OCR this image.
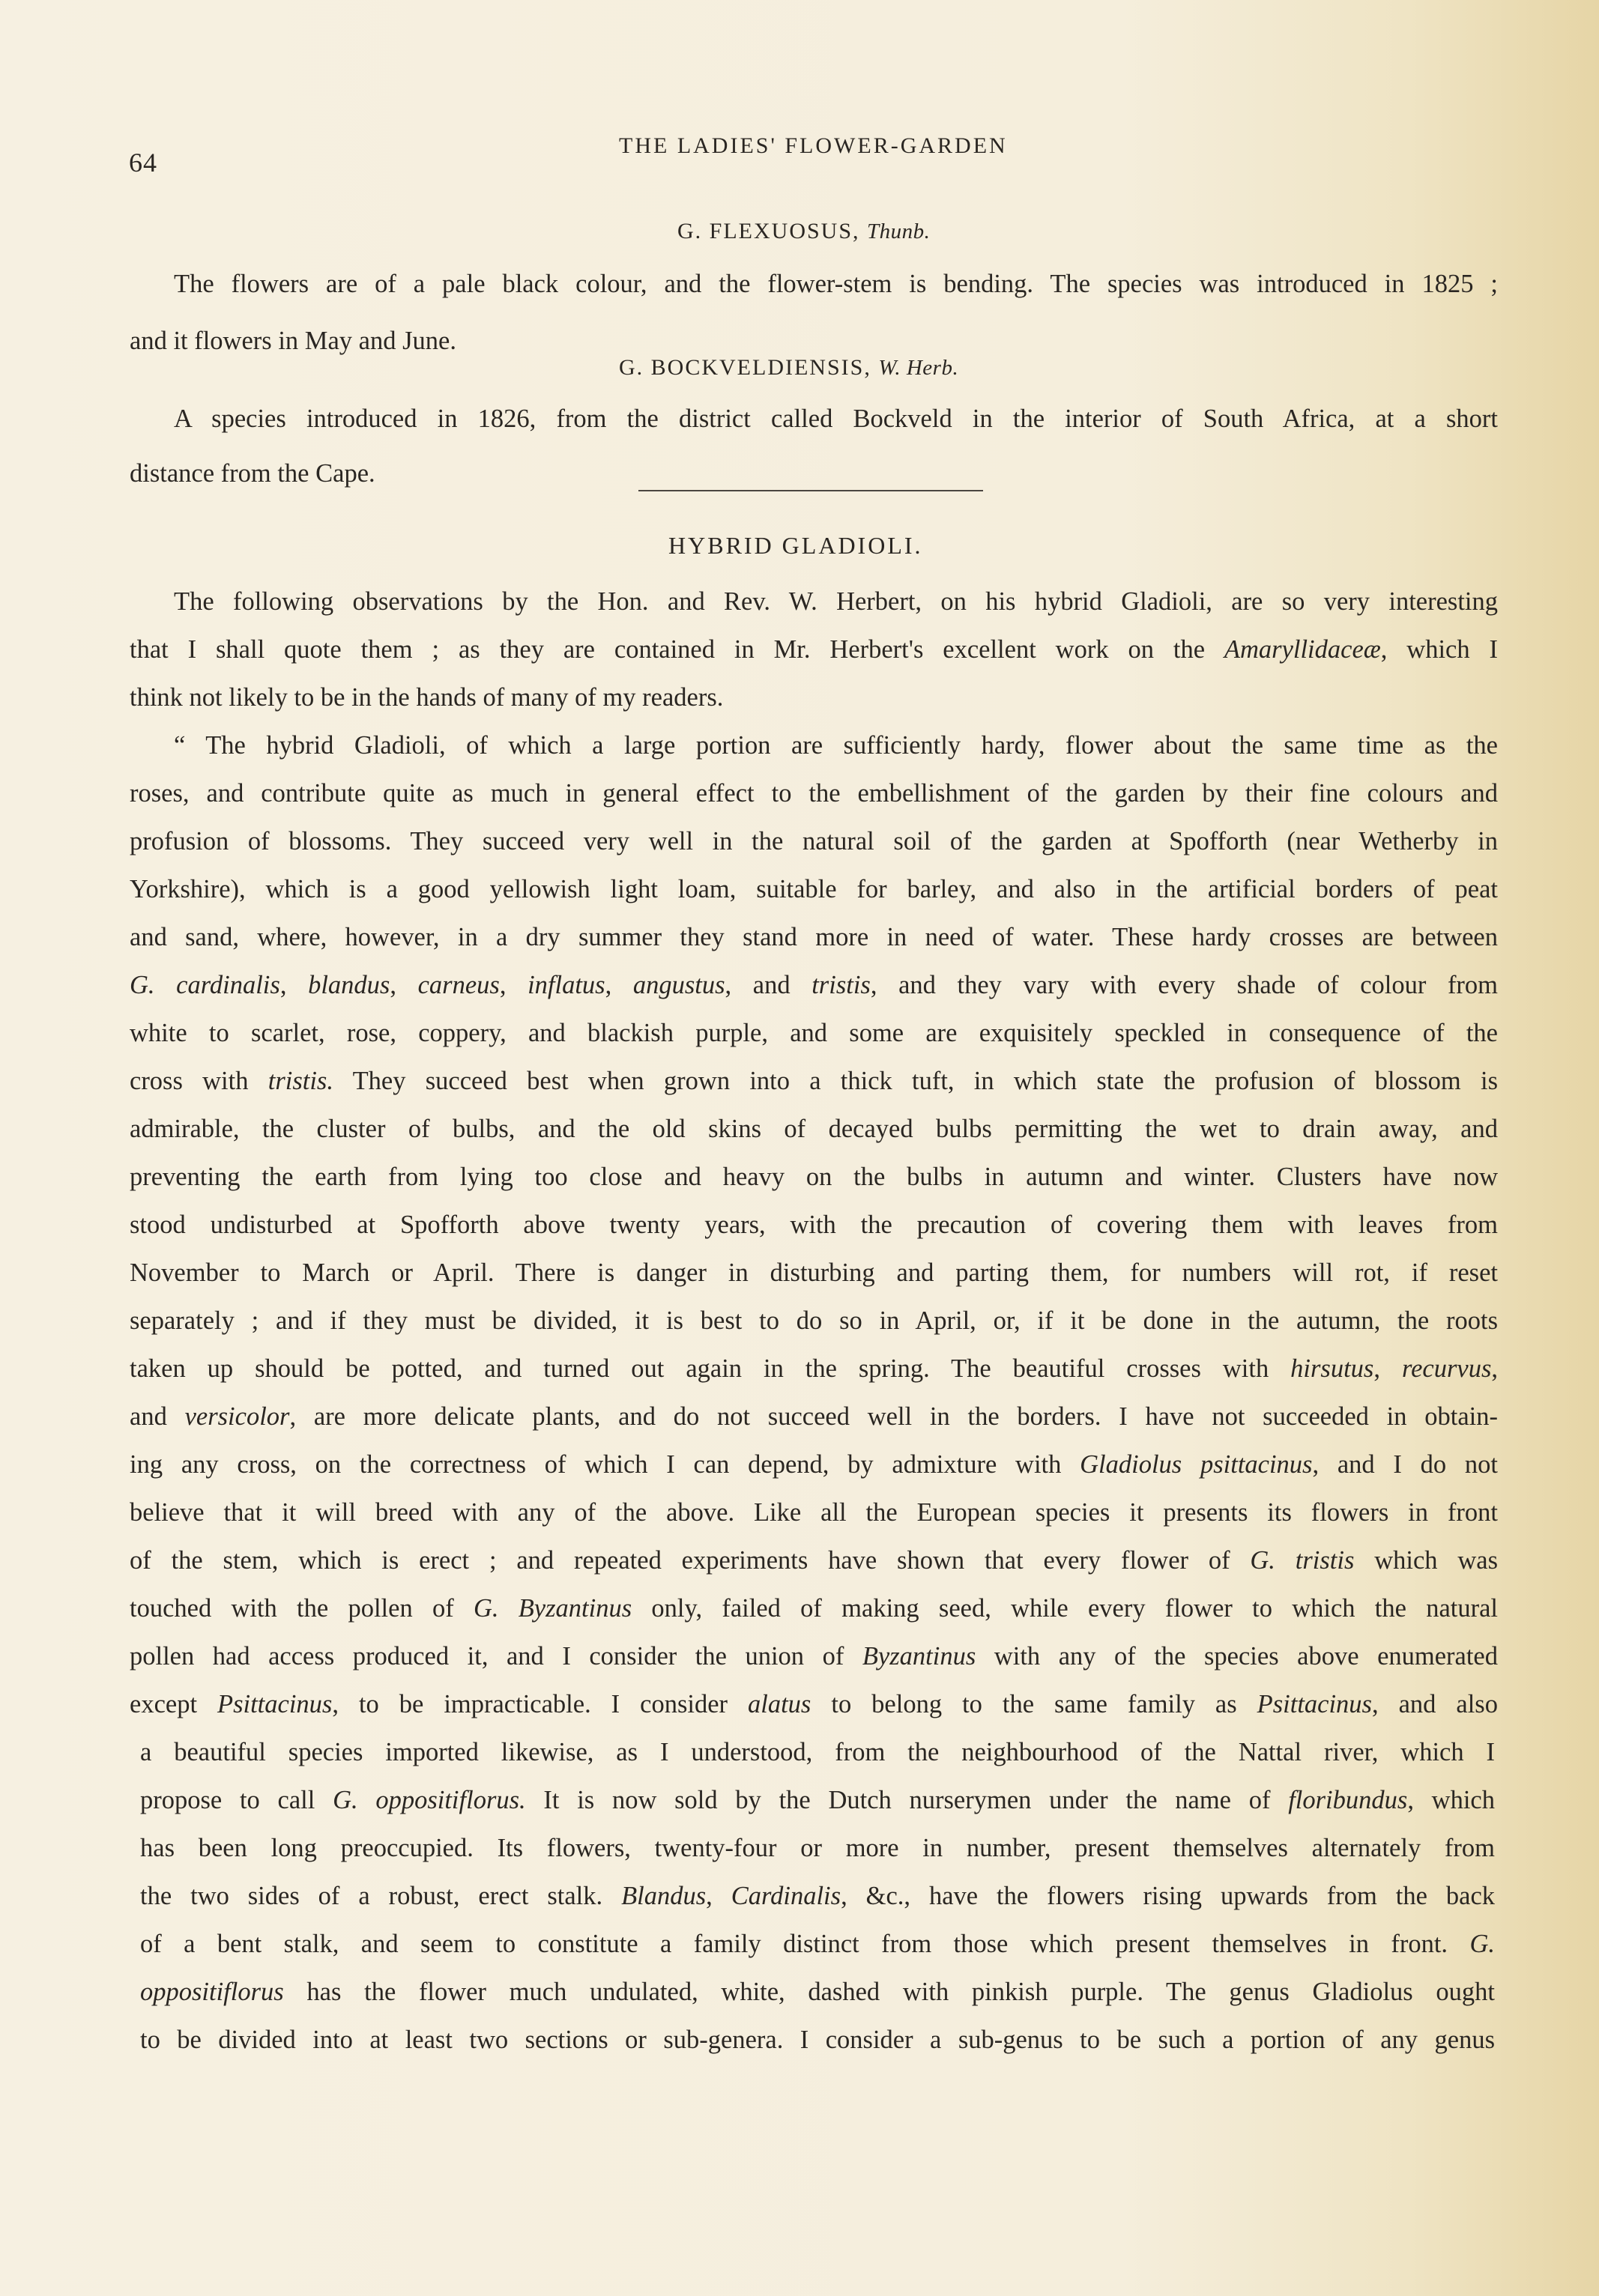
64
THE LADIES' FLOWER-GARDEN
G. FLEXUOSUS, Thunb.
G. BOCKVELDIENSIS, W. Herb.
HYBRID GLADIOLI.
The flowers are of a pale black colour, and the flower-stem is bending. The species was introduced in 1825 ;
and it flowers in May and June.
A species introduced in 1826, from the district called Bockveld in the interior of South Africa, at a short
distance from the Cape.
The following observations by the Hon. and Rev. W. Herbert, on his hybrid Gladioli, are so very interesting
that I shall quote them ; as they are contained in Mr. Herbert's excellent work on the Amaryllidaceæ, which I
think not likely to be in the hands of many of my readers.
“ The hybrid Gladioli, of which a large portion are sufficiently hardy, flower about the same time as the
roses, and contribute quite as much in general effect to the embellishment of the garden by their fine colours and
profusion of blossoms. They succeed very well in the natural soil of the garden at Spofforth (near Wetherby in
Yorkshire), which is a good yellowish light loam, suitable for barley, and also in the artificial borders of peat
and sand, where, however, in a dry summer they stand more in need of water. These hardy crosses are between
G. cardinalis, blandus, carneus, inflatus, angustus, and tristis, and they vary with every shade of colour from
white to scarlet, rose, coppery, and blackish purple, and some are exquisitely speckled in consequence of the
cross with tristis. They succeed best when grown into a thick tuft, in which state the profusion of blossom is
admirable, the cluster of bulbs, and the old skins of decayed bulbs permitting the wet to drain away, and
preventing the earth from lying too close and heavy on the bulbs in autumn and winter. Clusters have now
stood undisturbed at Spofforth above twenty years, with the precaution of covering them with leaves from
November to March or April. There is danger in disturbing and parting them, for numbers will rot, if reset
separately ; and if they must be divided, it is best to do so in April, or, if it be done in the autumn, the roots
taken up should be potted, and turned out again in the spring. The beautiful crosses with hirsutus, recurvus,
and versicolor, are more delicate plants, and do not succeed well in the borders. I have not succeeded in obtain-
ing any cross, on the correctness of which I can depend, by admixture with Gladiolus psittacinus, and I do not
believe that it will breed with any of the above. Like all the European species it presents its flowers in front
of the stem, which is erect ; and repeated experiments have shown that every flower of G. tristis which was
touched with the pollen of G. Byzantinus only, failed of making seed, while every flower to which the natural
pollen had access produced it, and I consider the union of Byzantinus with any of the species above enumerated
except Psittacinus, to be impracticable. I consider alatus to belong to the same family as Psittacinus, and also
a beautiful species imported likewise, as I understood, from the neighbourhood of the Nattal river, which I
propose to call G. oppositiflorus. It is now sold by the Dutch nurserymen under the name of floribundus, which
has been long preoccupied. Its flowers, twenty-four or more in number, present themselves alternately from
the two sides of a robust, erect stalk. Blandus, Cardinalis, &c., have the flowers rising upwards from the back
of a bent stalk, and seem to constitute a family distinct from those which present themselves in front. G.
oppositiflorus has the flower much undulated, white, dashed with pinkish purple. The genus Gladiolus ought
to be divided into at least two sections or sub-genera. I consider a sub-genus to be such a portion of any genus
